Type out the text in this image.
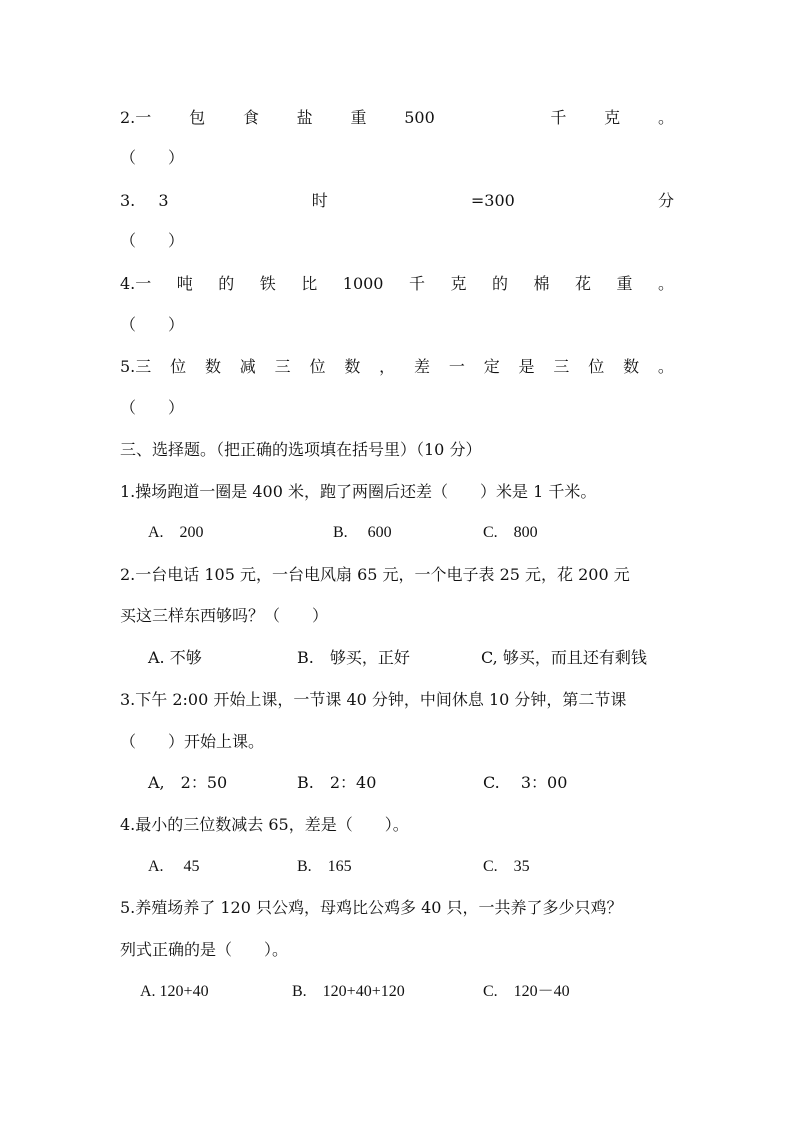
2.一 包 食 盐 重 500	千 克 。
（　　）
3. 3	时	=300	分
（　　）
4.一 吨 的 铁 比 1000 千 克 的 棉 花 重 。
（　　）
5.三 位 数 减 三 位 数 ， 差 一 定 是 三 位 数 。
（　　）
三、选择题。（把正确的选项填在括号里）（10 分）
1.操场跑道一圈是 400 米，跑了两圈后还差（　　）米是 1 千米。
A.　200	B.　 600	C.　800
2.一台电话 105 元，一台电风扇 65 元，一个电子表 25 元，花 200 元
买这三样东西够吗？（　　）
A. 不够	B.　够买，正好	C, 够买，而且还有剩钱
3.下午 2:00 开始上课，一节课 40 分钟，中间休息 10 分钟，第二节课
（　　）开始上课。
A,　2：50	B.　2：40	C.　 3：00
4.最小的三位数减去 65，差是（　　）。
A.　 45	B.　165	C.　35
5.养殖场养了 120 只公鸡，母鸡比公鸡多 40 只，一共养了多少只鸡？
列式正确的是（　　）。
A. 120+40	B.　120+40+120	C.　120－40
